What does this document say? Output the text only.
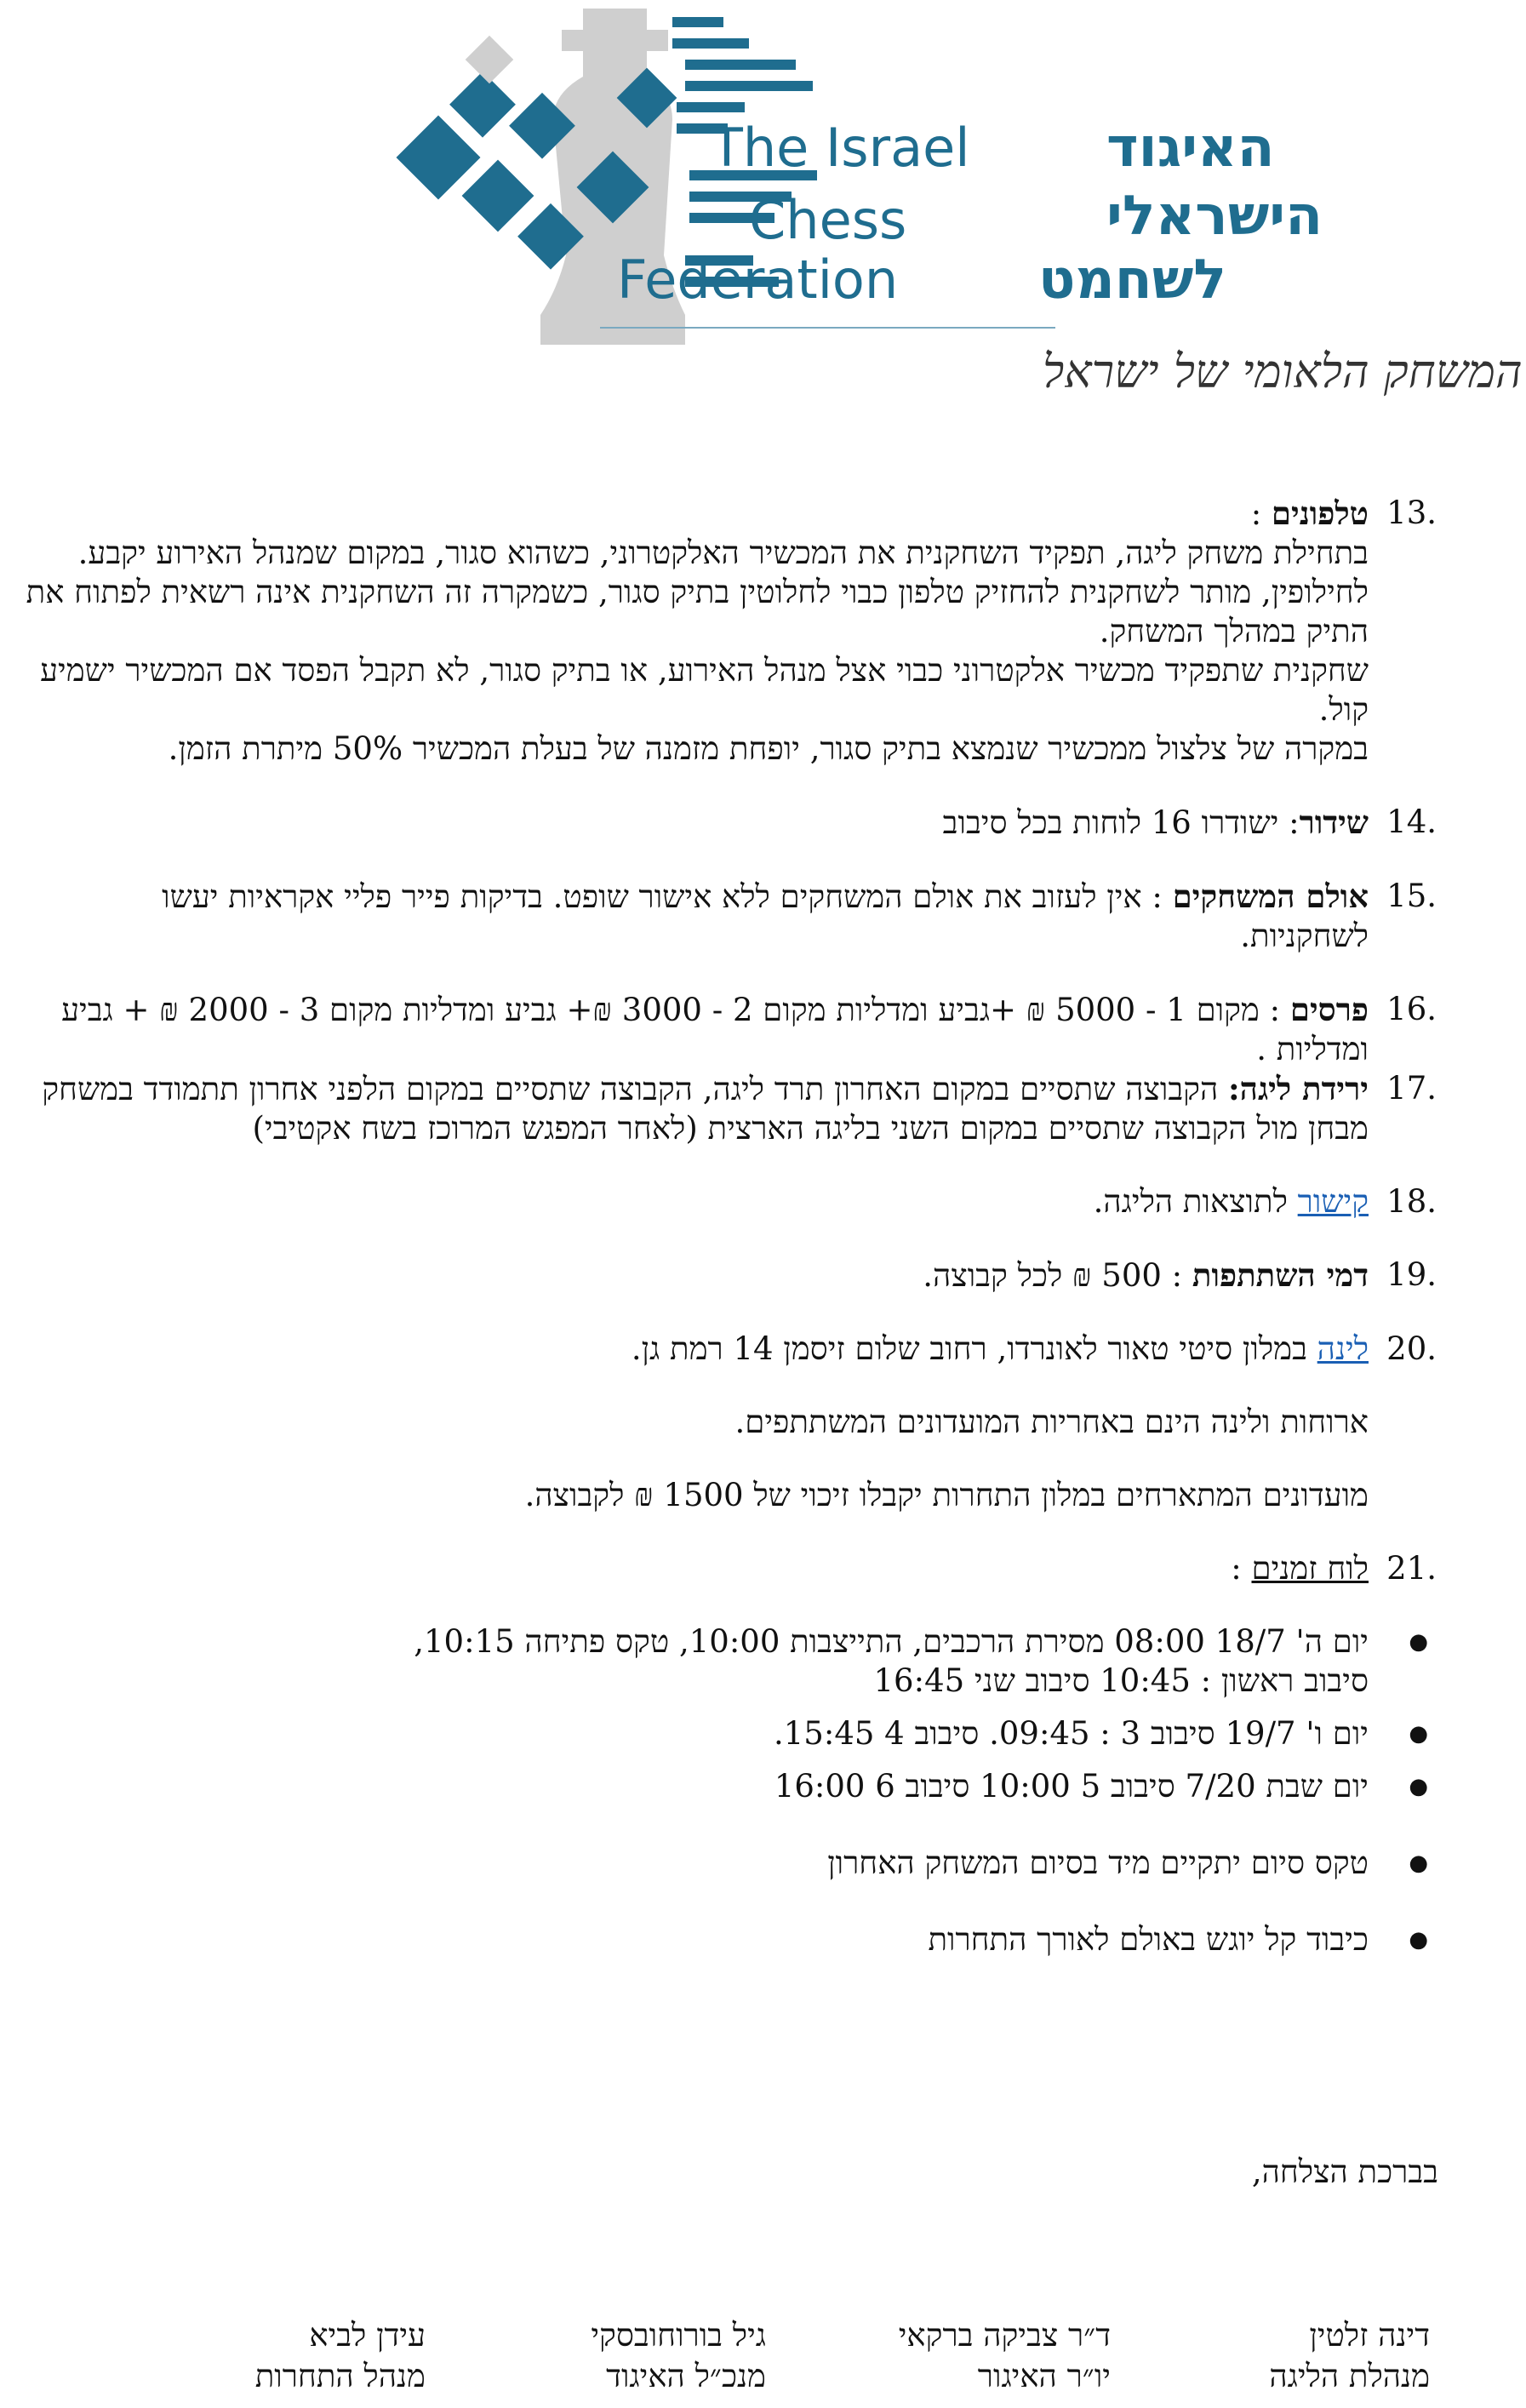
The Israel
Chess
Federation
האיגוד
הישראלי
לשחמט
המשחק הלאומי של ישראל
13.

טלפונים :

בתחילת משחק ליגה, תפקיד השחקנית את המכשיר האלקטרוני, כשהוא סגור, במקום שמנהל האירוע יקבע. לחילופין, מותר לשחקנית להחזיק טלפון כבוי לחלוטין בתיק סגור, כשמקרה זה השחקנית אינה רשאית לפתוח את התיק במהלך המשחק.

שחקנית שתפקיד מכשיר אלקטרוני כבוי אצל מנהל האירוע, או בתיק סגור, לא תקבל הפסד אם המכשיר ישמיע קול.

במקרה של צלצול ממכשיר שנמצא בתיק סגור, יופחת מזמנה של בעלת המכשיר 50% מיתרת הזמן.

14.

שידור: ישודרו 16 לוחות בכל סיבוב

15.

אולם המשחקים : אין לעזוב את אולם המשחקים ללא אישור שופט. בדיקות פייר פליי אקראיות יעשו לשחקניות.

16.

פרסים : מקום 1 - 5000 ₪ +גביע ומדליות מקום 2 - 3000 ₪+ גביע ומדליות מקום 3 - 2000 ₪ + גביע ומדליות .

17.

ירידת ליגה: הקבוצה שתסיים במקום האחרון תרד ליגה, הקבוצה שתסיים במקום הלפני אחרון תתמודד במשחק מבחן מול הקבוצה שתסיים במקום השני בליגה הארצית (לאחר המפגש המרוכז בשח אקטיבי)

18.

קישור לתוצאות הליגה.

19.

דמי השתתפות : 500 ₪ לכל קבוצה.

20.

לינה במלון סיטי טאור לאונרדו, רחוב שלום זיסמן 14 רמת גן.

ארוחות ולינה הינם באחריות המועדונים המשתתפים.

מועדונים המתארחים במלון התחרות יקבלו זיכוי של 1500 ₪ לקבוצה.

21.

לוח זמנים :

● יום ה' 18/7 08:00 מסירת הרכבים, התייצבות 10:00, טקס פתיחה 10:15,
סיבוב ראשון : 10:45 סיבוב שני 16:45
● יום ו' 19/7 סיבוב 3 : 09:45. סיבוב 4 15:45.
● יום שבת 7/20 סיבוב 5 10:00 סיבוב 6 16:00
● טקס סיום יתקיים מיד בסיום המשחק האחרון
● כיבוד קל יוגש באולם לאורך התחרות
בברכת הצלחה,
דינה זלטין
מנהלת הליגה
ד״ר צביקה ברקאי
יו״ר האיגור
גיל בורוחובסקי
מנכ״ל האיגוד
עידן לביא
מנהל התחרות
